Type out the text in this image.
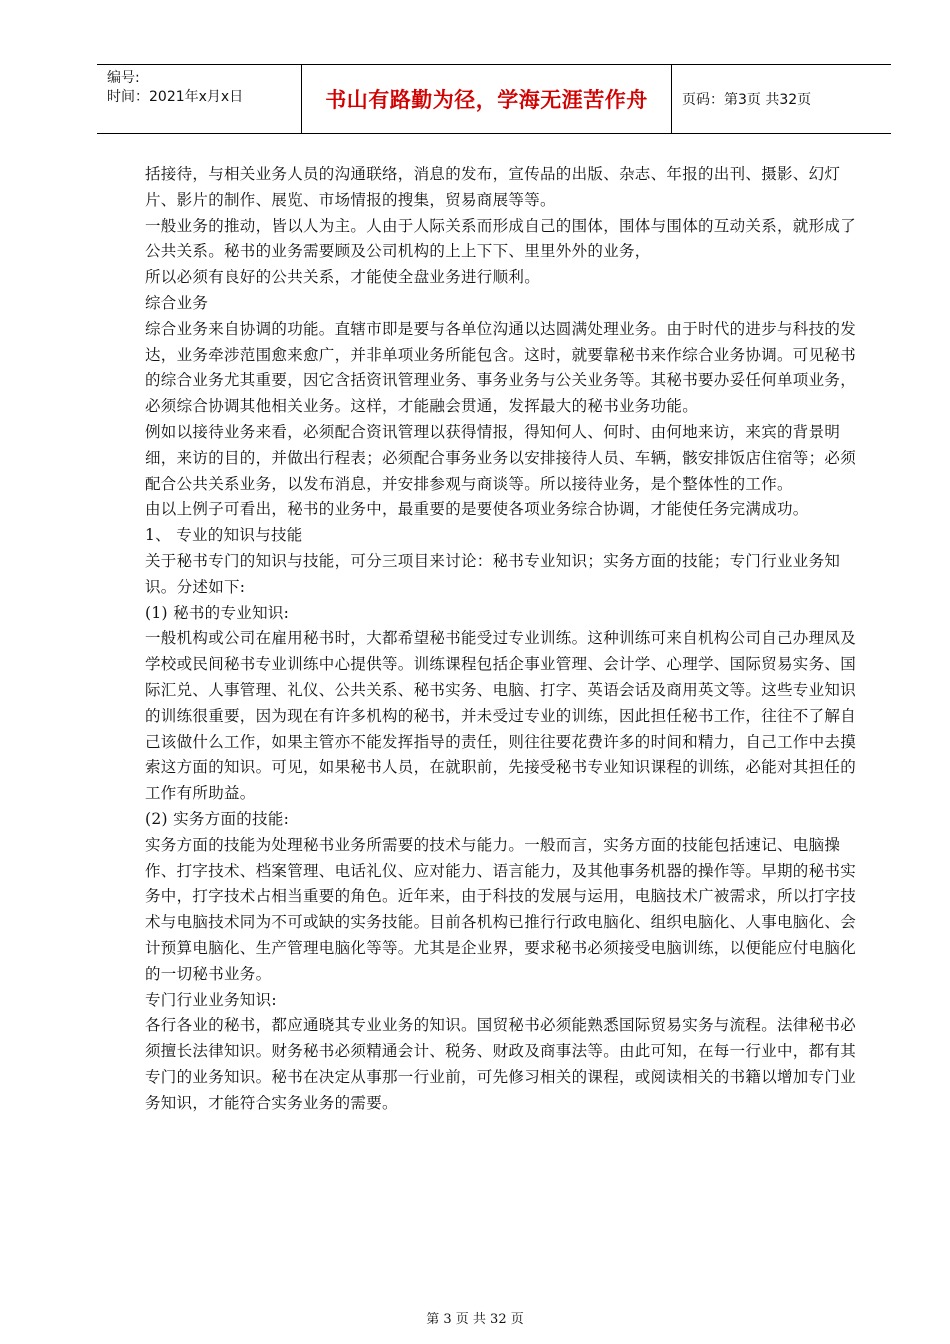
编号:
时间：2021年x月x日	书山有路勤为径，学海无涯苦作舟	页码：第3页 共32页

括接待，与相关业务人员的沟通联络，消息的发布，宣传品的出版、杂志、年报的出刊、摄影、幻灯片、影片的制作、展览、市场情报的搜集，贸易商展等等。

一般业务的推动，皆以人为主。人由于人际关系而形成自己的围体，围体与围体的互动关系，就形成了公共关系。秘书的业务需要顾及公司机构的上上下下、里里外外的业务，

所以必须有良好的公共关系，才能使全盘业务进行顺利。

综合业务

综合业务来自协调的功能。直辖市即是要与各单位沟通以达圆满处理业务。由于时代的进步与科技的发达，业务牵涉范围愈来愈广，并非单项业务所能包含。这时，就要靠秘书来作综合业务协调。可见秘书的综合业务尤其重要，因它含括资讯管理业务、事务业务与公关业务等。其秘书要办妥任何单项业务，必须综合协调其他相关业务。这样，才能融会贯通，发挥最大的秘书业务功能。

例如以接待业务来看，必须配合资讯管理以获得情报，得知何人、何时、由何地来访，来宾的背景明细，来访的目的，并做出行程表；必须配合事务业务以安排接待人员、车辆，骸安排饭店住宿等；必须配合公共关系业务，以发布消息，并安排参观与商谈等。所以接待业务，是个整体性的工作。

由以上例子可看出，秘书的业务中，最重要的是要使各项业务综合协调，才能使任务完满成功。

1、 专业的知识与技能

关于秘书专门的知识与技能，可分三项目来讨论：秘书专业知识；实务方面的技能；专门行业业务知识。分述如下:

(1) 秘书的专业知识:

一般机构或公司在雇用秘书时，大都希望秘书能受过专业训练。这种训练可来自机构公司自己办理凤及学校或民间秘书专业训练中心提供等。训练课程包括企事业管理、会计学、心理学、国际贸易实务、国际汇兑、人事管理、礼仪、公共关系、秘书实务、电脑、打字、英语会话及商用英文等。这些专业知识的训练很重要，因为现在有许多机构的秘书，并未受过专业的训练，因此担任秘书工作，往往不了解自己该做什么工作，如果主管亦不能发挥指导的责任，则往往要花费许多的时间和精力，自己工作中去摸索这方面的知识。可见，如果秘书人员，在就职前，先接受秘书专业知识课程的训练，必能对其担任的工作有所助益。

(2) 实务方面的技能:

实务方面的技能为处理秘书业务所需要的技术与能力。一般而言，实务方面的技能包括速记、电脑操作、打字技术、档案管理、电话礼仪、应对能力、语言能力，及其他事务机器的操作等。早期的秘书实务中，打字技术占相当重要的角色。近年来，由于科技的发展与运用，电脑技术广被需求，所以打字技术与电脑技术同为不可或缺的实务技能。目前各机构已推行行政电脑化、组织电脑化、人事电脑化、会计预算电脑化、生产管理电脑化等等。尤其是企业界，要求秘书必须接受电脑训练，以便能应付电脑化的一切秘书业务。

专门行业业务知识:

各行各业的秘书，都应通晓其专业业务的知识。国贸秘书必须能熟悉国际贸易实务与流程。法律秘书必须擅长法律知识。财务秘书必须精通会计、税务、财政及商事法等。由此可知，在每一行业中，都有其专门的业务知识。秘书在决定从事那一行业前，可先修习相关的课程，或阅读相关的书籍以增加专门业务知识，才能符合实务业务的需要。

第 3 页 共 32 页
